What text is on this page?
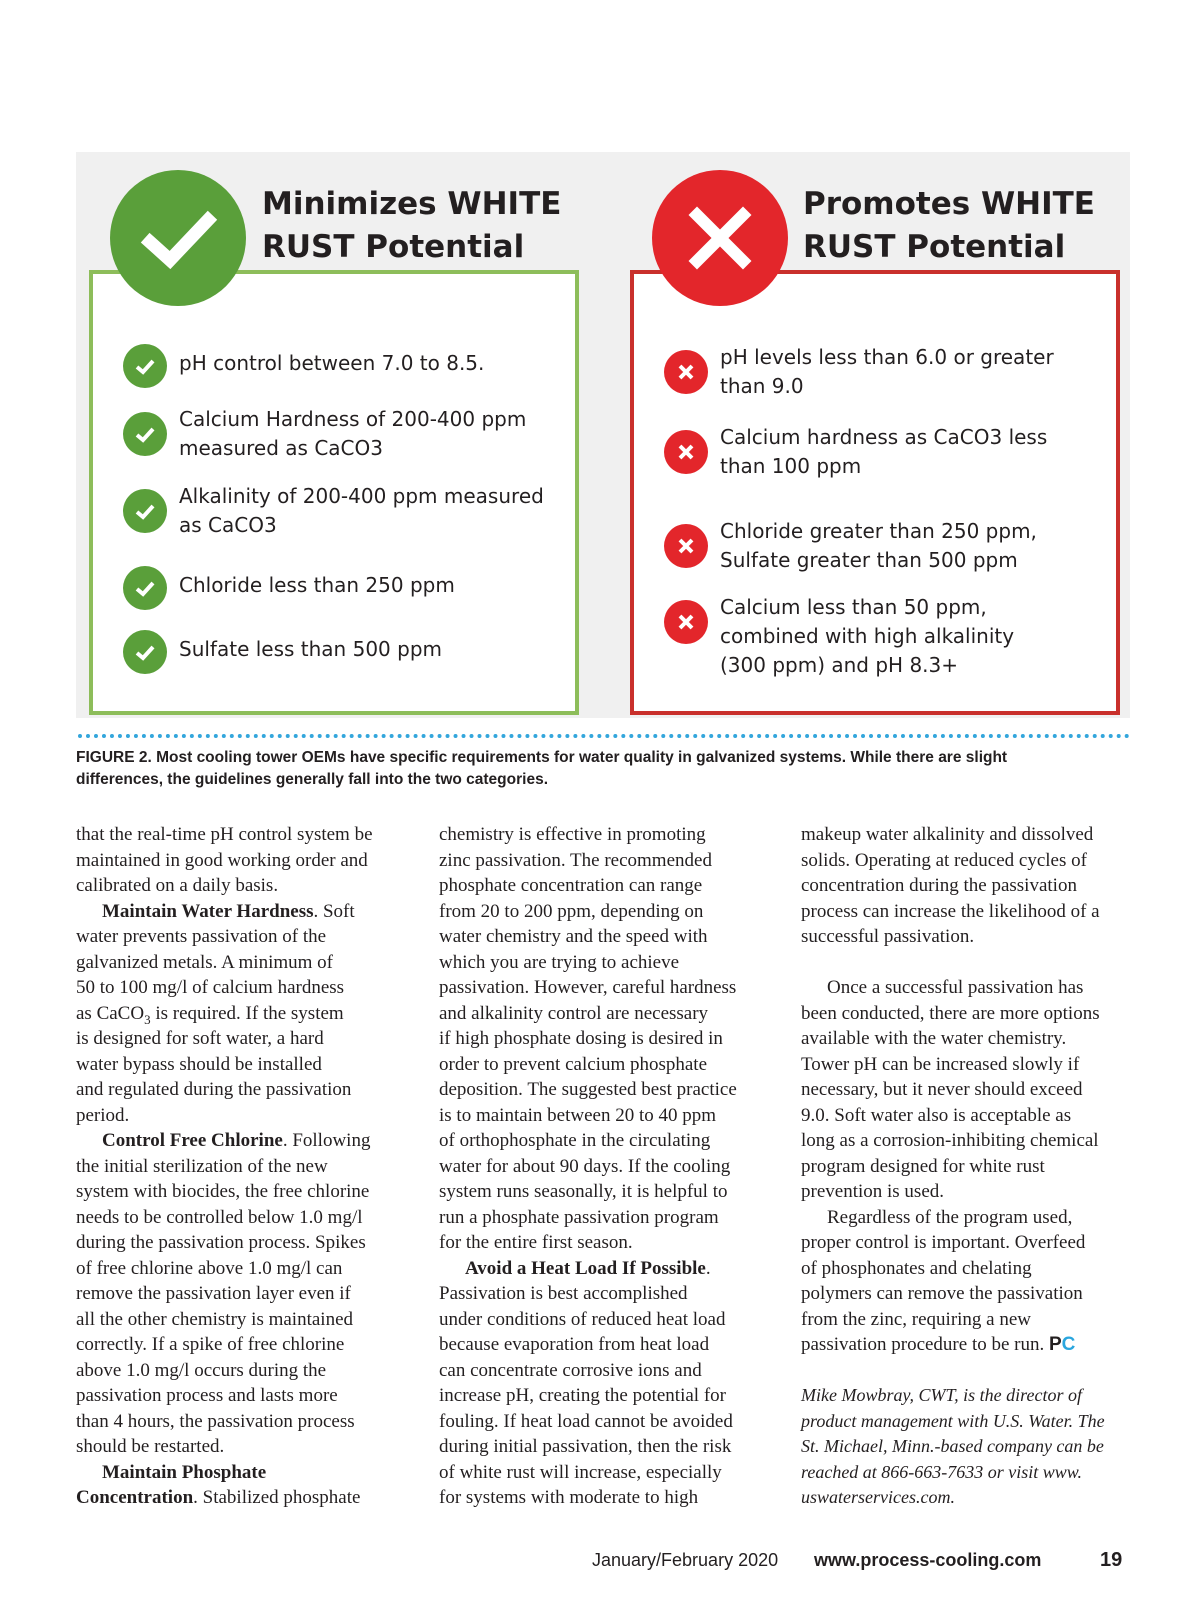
Minimizes WHITE
RUST Potential
Promotes WHITE
RUST Potential
pH control between 7.0 to 8.5.
Calcium Hardness of 200-400 ppm
measured as CaCO3
Alkalinity of 200-400 ppm measured
as CaCO3
Chloride less than 250 ppm
Sulfate less than 500 ppm
pH levels less than 6.0 or greater
than 9.0
Calcium hardness as CaCO3 less
than 100 ppm
Chloride greater than 250 ppm,
Sulfate greater than 500 ppm
Calcium less than 50 ppm,
combined with high alkalinity
(300 ppm) and pH 8.3+

FIGURE 2. Most cooling tower OEMs have specific requirements for water quality in galvanized systems. While there are slight
differences, the guidelines generally fall into the two categories.

that the real-time pH control system be
maintained in good working order and
calibrated on a daily basis.

Maintain Water Hardness. Soft
water prevents passivation of the
galvanized metals. A minimum of
50 to 100 mg/l of calcium hardness
as CaCO$_3$ is required. If the system
is designed for soft water, a hard
water bypass should be installed
and regulated during the passivation
period.

Control Free Chlorine. Following
the initial sterilization of the new
system with biocides, the free chlorine
needs to be controlled below 1.0 mg/l
during the passivation process. Spikes
of free chlorine above 1.0 mg/l can
remove the passivation layer even if
all the other chemistry is maintained
correctly. If a spike of free chlorine
above 1.0 mg/l occurs during the
passivation process and lasts more
than 4 hours, the passivation process
should be restarted.

Maintain Phosphate
Concentration. Stabilized phosphate

chemistry is effective in promoting
zinc passivation. The recommended
phosphate concentration can range
from 20 to 200 ppm, depending on
water chemistry and the speed with
which you are trying to achieve
passivation. However, careful hardness
and alkalinity control are necessary
if high phosphate dosing is desired in
order to prevent calcium phosphate
deposition. The suggested best practice
is to maintain between 20 to 40 ppm
of orthophosphate in the circulating
water for about 90 days. If the cooling
system runs seasonally, it is helpful to
run a phosphate passivation program
for the entire first season.

Avoid a Heat Load If Possible.
Passivation is best accomplished
under conditions of reduced heat load
because evaporation from heat load
can concentrate corrosive ions and
increase pH, creating the potential for
fouling. If heat load cannot be avoided
during initial passivation, then the risk
of white rust will increase, especially
for systems with moderate to high

makeup water alkalinity and dissolved
solids. Operating at reduced cycles of
concentration during the passivation
process can increase the likelihood of a
successful passivation.

Once a successful passivation has
been conducted, there are more options
available with the water chemistry.
Tower pH can be increased slowly if
necessary, but it never should exceed
9.0. Soft water also is acceptable as
long as a corrosion-inhibiting chemical
program designed for white rust
prevention is used.

Regardless of the program used,
proper control is important. Overfeed
of phosphonates and chelating
polymers can remove the passivation
from the zinc, requiring a new
passivation procedure to be run. PC

Mike Mowbray, CWT, is the director of
product management with U.S. Water. The
St. Michael, Minn.-based company can be
reached at 866-663-7633 or visit www.
uswaterservices.com.

January/February 2020 www.process-cooling.com	19
